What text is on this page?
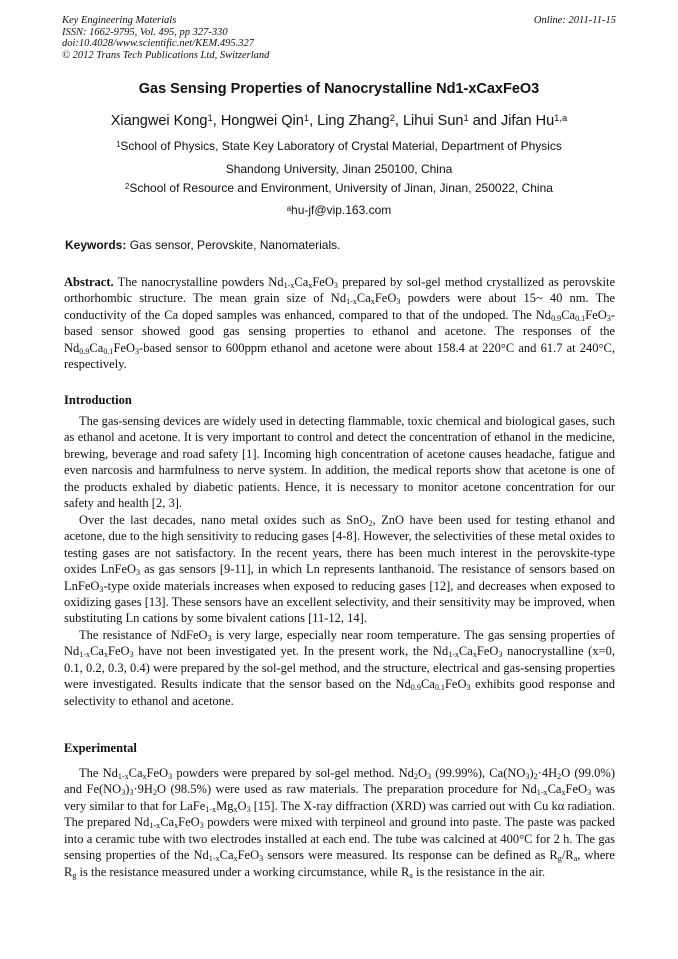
Key Engineering Materials
ISSN: 1662-9795, Vol. 495, pp 327-330
doi:10.4028/www.scientific.net/KEM.495.327
© 2012 Trans Tech Publications Ltd, Switzerland
Online: 2011-11-15
Gas Sensing Properties of Nanocrystalline Nd1-xCaxFeO3
Xiangwei Kong$^1$, Hongwei Qin$^1$, Ling Zhang$^2$, Lihui Sun$^1$ and Jifan Hu$^{1,a}$
$^1$School of Physics, State Key Laboratory of Crystal Material, Department of Physics
Shandong University, Jinan 250100, China
$^2$School of Resource and Environment, University of Jinan, Jinan, 250022, China
$^a$hu-jf@vip.163.com
Keywords: Gas sensor, Perovskite, Nanomaterials.

Abstract. The nanocrystalline powders $Nd_{1-x}Ca_xFeO_3$ prepared by sol-gel method crystallized as perovskite orthorhombic structure. The mean grain size of $Nd_{1-x}Ca_xFeO_3$ powders were about 15~ 40 nm. The conductivity of the Ca doped samples was enhanced, compared to that of the undoped. The $Nd_{0.9}Ca_{0.1}FeO_3$-based sensor showed good gas sensing properties to ethanol and acetone. The responses of the $Nd_{0.9}Ca_{0.1}FeO_3$-based sensor to 600ppm ethanol and acetone were about 158.4 at 220°C and 61.7 at 240°C, respectively.

Introduction

The gas-sensing devices are widely used in detecting flammable, toxic chemical and biological gases, such as ethanol and acetone. It is very important to control and detect the concentration of ethanol in the medicine, brewing, beverage and road safety [1]. Incoming high concentration of acetone causes headache, fatigue and even narcosis and harmfulness to nerve system. In addition, the medical reports show that acetone is one of the products exhaled by diabetic patients. Hence, it is necessary to monitor acetone concentration for our safety and health [2, 3].

Over the last decades, nano metal oxides such as SnO$_2$, ZnO have been used for testing ethanol and acetone, due to the high sensitivity to reducing gases [4-8]. However, the selectivities of these metal oxides to testing gases are not satisfactory. In the recent years, there has been much interest in the perovskite-type oxides LnFeO$_3$ as gas sensors [9-11], in which Ln represents lanthanoid. The resistance of sensors based on LnFeO$_3$-type oxide materials increases when exposed to reducing gases [12], and decreases when exposed to oxidizing gases [13]. These sensors have an excellent selectivity, and their sensitivity may be improved, when substituting Ln cations by some bivalent cations [11-12, 14].

The resistance of NdFeO$_3$ is very large, especially near room temperature. The gas sensing properties of $Nd_{1-x}Ca_xFeO_3$ have not been investigated yet. In the present work, the $Nd_{1-x}Ca_xFeO_3$ nanocrystalline (x=0, 0.1, 0.2, 0.3, 0.4) were prepared by the sol-gel method, and the structure, electrical and gas-sensing properties were investigated. Results indicate that the sensor based on the $Nd_{0.9}Ca_{0.1}FeO_3$ exhibits good response and selectivity to ethanol and acetone.

Experimental

The $Nd_{1-x}Ca_xFeO_3$ powders were prepared by sol-gel method. $Nd_2O_3$ (99.99%), $Ca(NO_3)_2\cdot 4H_2O$ (99.0%) and $Fe(NO_3)_3\cdot 9H_2O$ (98.5%) were used as raw materials. The preparation procedure for $Nd_{1-x}Ca_xFeO_3$ was very similar to that for $LaFe_{1-x}Mg_xO_3$ [15]. The X-ray diffraction (XRD) was carried out with Cu kα radiation. The prepared $Nd_{1-x}Ca_xFeO_3$ powders were mixed with terpineol and ground into paste. The paste was packed into a ceramic tube with two electrodes installed at each end. The tube was calcined at 400°C for 2 h. The gas sensing properties of the $Nd_{1-x}Ca_xFeO_3$ sensors were measured. Its response can be defined as $R_g/R_a$, where $R_g$ is the resistance measured under a working circumstance, while $R_a$ is the resistance in the air.
